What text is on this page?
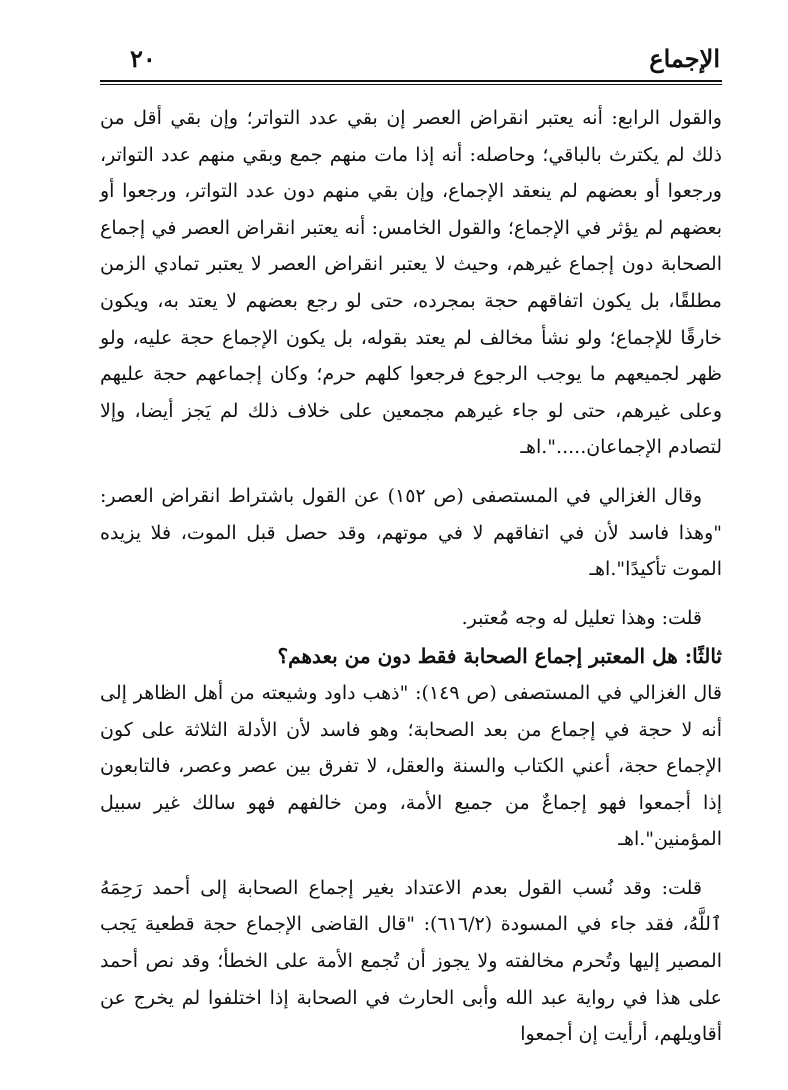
٢٠	الإجماع

والقول الرابع: أنه يعتبر انقراض العصر إن بقي عدد التواتر؛ وإن بقي أقل من ذلك لم يكترث بالباقي؛ وحاصله: أنه إذا مات منهم جمع وبقي منهم عدد التواتر، ورجعوا أو بعضهم لم ينعقد الإجماع، وإن بقي منهم دون عدد التواتر، ورجعوا أو بعضهم لم يؤثر في الإجماع؛ والقول الخامس: أنه يعتبر انقراض العصر في إجماع الصحابة دون إجماع غيرهم، وحيث لا يعتبر انقراض العصر لا يعتبر تمادي الزمن مطلقًا، بل يكون اتفاقهم حجة بمجرده، حتى لو رجع بعضهم لا يعتد به، ويكون خارقًا للإجماع؛ ولو نشأ مخالف لم يعتد بقوله، بل يكون الإجماع حجة عليه، ولو ظهر لجميعهم ما يوجب الرجوع فرجعوا كلهم حرم؛ وكان إجماعهم حجة عليهم وعلى غيرهم، حتى لو جاء غيرهم مجمعين على خلاف ذلك لم يَجز أيضا، وإلا لتصادم الإجماعان.....".اهـ

وقال الغزالي في المستصفى (ص ١٥٢) عن القول باشتراط انقراض العصر: "وهذا فاسد لأن في اتفاقهم لا في موتهم، وقد حصل قبل الموت، فلا يزيده الموت تأكيدًا".اهـ

قلت: وهذا تعليل له وجه مُعتبر.

ثالثًا: هل المعتبر إجماع الصحابة فقط دون من بعدهم؟

قال الغزالي في المستصفى (ص ١٤٩): "ذهب داود وشيعته من أهل الظاهر إلى أنه لا حجة في إجماع من بعد الصحابة؛ وهو فاسد لأن الأدلة الثلاثة على كون الإجماع حجة، أعني الكتاب والسنة والعقل، لا تفرق بين عصر وعصر، فالتابعون إذا أجمعوا فهو إجماعٌ من جميع الأمة، ومن خالفهم فهو سالك غير سبيل المؤمنين".اهـ

قلت: وقد نُسب القول بعدم الاعتداد بغير إجماع الصحابة إلى أحمد رَحِمَهُ ٱللَّهُ، فقد جاء في المسودة (٦١٦/٢): "قال القاضى الإجماع حجة قطعية يَجب المصير إليها وتُحرم مخالفته ولا يجوز أن تُجمع الأمة على الخطأ؛ وقد نص أحمد على هذا في رواية عبد الله وأبى الحارث في الصحابة إذا اختلفوا لم يخرج عن أقاويلهم، أرأيت إن أجمعوا
